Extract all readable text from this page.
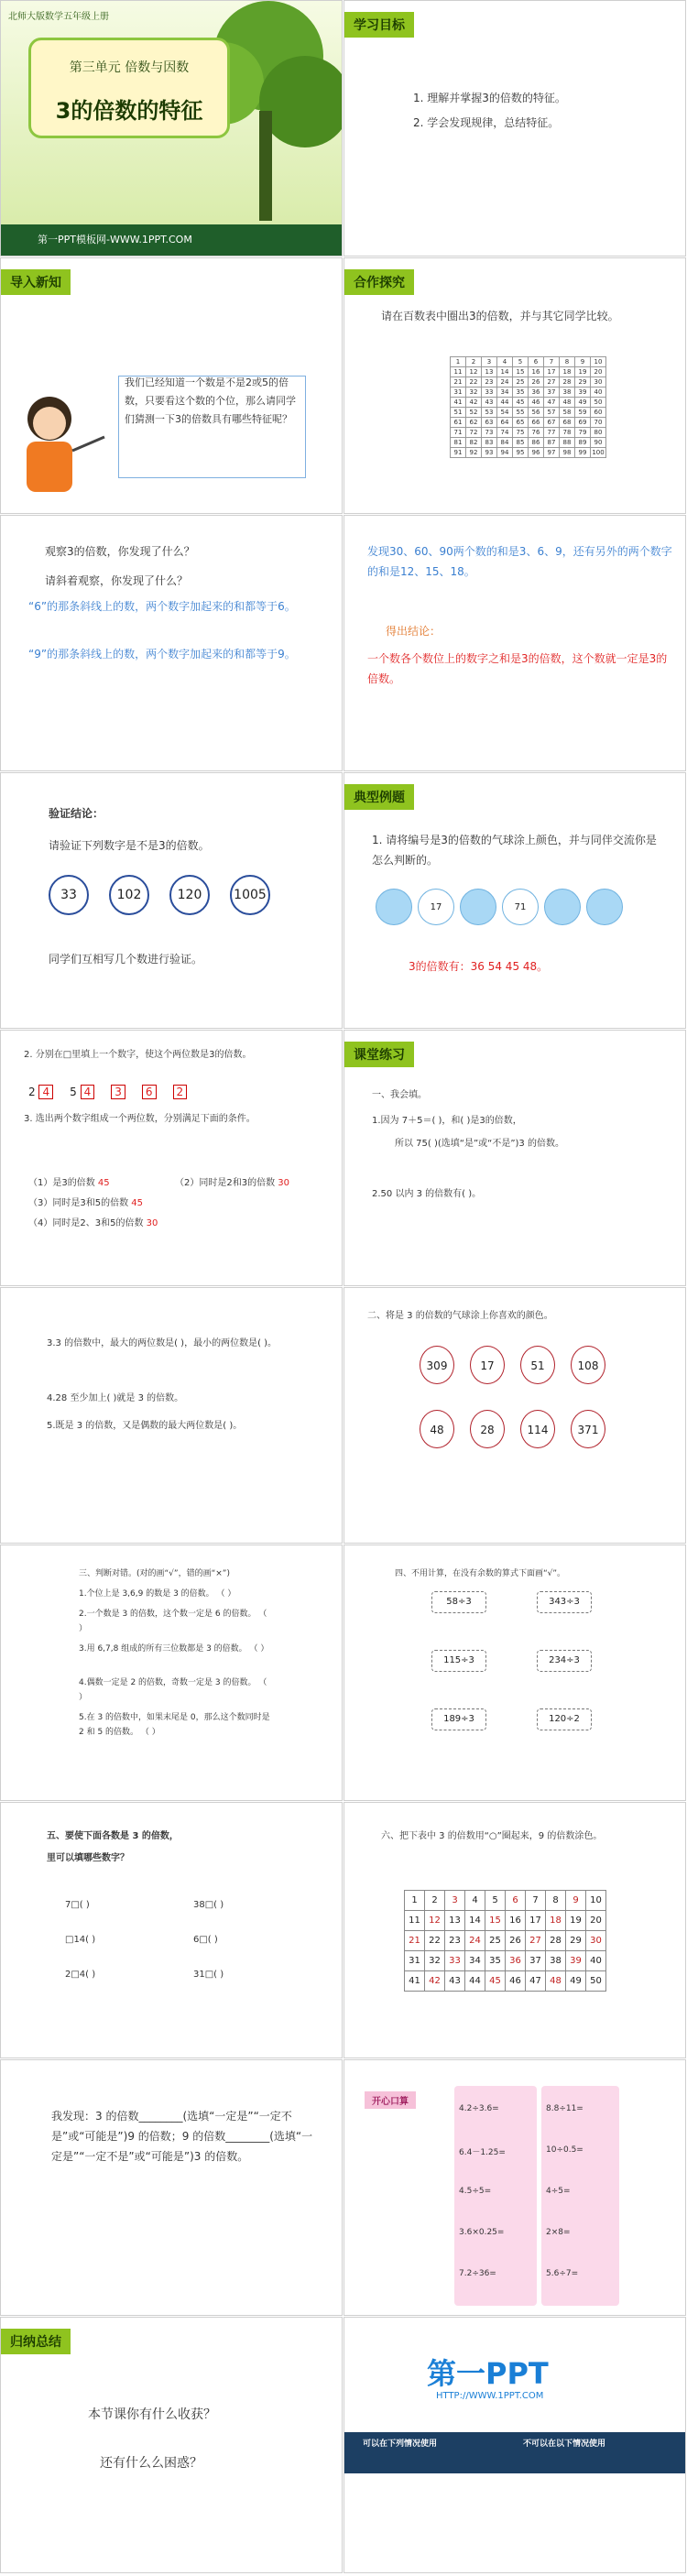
北师大版数学五年级上册
第三单元 倍数与因数
3的倍数的特征
第一PPT模板网-WWW.1PPT.COM
学习目标
1. 理解并掌握3的倍数的特征。
2. 学会发现规律，总结特征。
导入新知
我们已经知道一个数是不是2或5的倍数，只要看这个数的个位，那么请同学们猜测一下3的倍数具有哪些特征呢？
合作探究
请在百数表中圈出3的倍数，并与其它同学比较。
1	2	3	4	5	6	7	8	9	10
11	12	13	14	15	16	17	18	19	20
21	22	23	24	25	26	27	28	29	30
31	32	33	34	35	36	37	38	39	40
41	42	43	44	45	46	47	48	49	50
51	52	53	54	55	56	57	58	59	60
61	62	63	64	65	66	67	68	69	70
71	72	73	74	75	76	77	78	79	80
81	82	83	84	85	86	87	88	89	90
91	92	93	94	95	96	97	98	99	100
观察3的倍数，你发现了什么？
请斜着观察，你发现了什么？
“6”的那条斜线上的数，两个数字加起来的和都等于6。
“9”的那条斜线上的数，两个数字加起来的和都等于9。
发现30、60、90两个数的和是3、6、9，还有另外的两个数字的和是12、15、18。
得出结论：
一个数各个数位上的数字之和是3的倍数，这个数就一定是3的倍数。
验证结论：
请验证下列数字是不是3的倍数。
33	102	120	1005
同学们互相写几个数进行验证。
典型例题
1. 请将编号是3的倍数的气球涂上颜色，并与同伴交流你是怎么判断的。
17	71
3的倍数有：36 54 45 48。
2. 分别在□里填上一个数字，使这个两位数是3的倍数。
2 4	5 4	3	6	2
3. 选出两个数字组成一个两位数，分别满足下面的条件。
（1）是3的倍数 45	（2）同时是2和3的倍数 30
（3）同时是3和5的倍数 45
（4）同时是2、3和5的倍数 30
课堂练习
一、我会填。
1.因为 7＋5＝( )，和( )是3的倍数，
所以 75( )(选填“是”或“不是”)3 的倍数。
2.50 以内 3 的倍数有( )。
3.3 的倍数中，最大的两位数是( )，最小的两位数是( )。
4.28 至少加上( )就是 3 的倍数。
5.既是 3 的倍数，又是偶数的最大两位数是( )。
二、将是 3 的倍数的气球涂上你喜欢的颜色。
309	17	51	108
48	28	114	371
三、判断对错。(对的画“√”，错的画“×”)
1.个位上是 3,6,9 的数是 3 的倍数。 （ ）
2.一个数是 3 的倍数，这个数一定是 6 的倍数。 （ ）
3.用 6,7,8 组成的所有三位数都是 3 的倍数。 （ ）
4.偶数一定是 2 的倍数，奇数一定是 3 的倍数。 （ ）
5.在 3 的倍数中，如果末尾是 0，那么这个数同时是 2 和 5 的倍数。 （ ）
四、不用计算，在没有余数的算式下面画“√”。
58÷3	343÷3
115÷3	234÷3
189÷3	120÷2
五、要使下面各数是 3 的倍数，
里可以填哪些数字？
7□( )	38□( )
□14( )	6□( )
2□4( )	31□( )
六、把下表中 3 的倍数用“○”圈起来，9 的倍数涂色。
1	2	3	4	5	6	7	8	9	10
11	12	13	14	15	16	17	18	19	20
21	22	23	24	25	26	27	28	29	30
31	32	33	34	35	36	37	38	39	40
41	42	43	44	45	46	47	48	49	50
我发现：3 的倍数________(选填“一定是”“一定不是”或“可能是”)9 的倍数；9 的倍数________(选填“一定是”“一定不是”或“可能是”)3 的倍数。
开心口算
4.2÷3.6=
6.4－1.25=
4.5÷5=
3.6×0.25=
7.2÷36=
8.8÷11=
10÷0.5=
4÷5=
2×8=
5.6÷7=
归纳总结
本节课你有什么收获？
还有什么么困惑？
第一PPT
HTTP://WWW.1PPT.COM
可以在下列情况使用	不可以在以下情况使用
